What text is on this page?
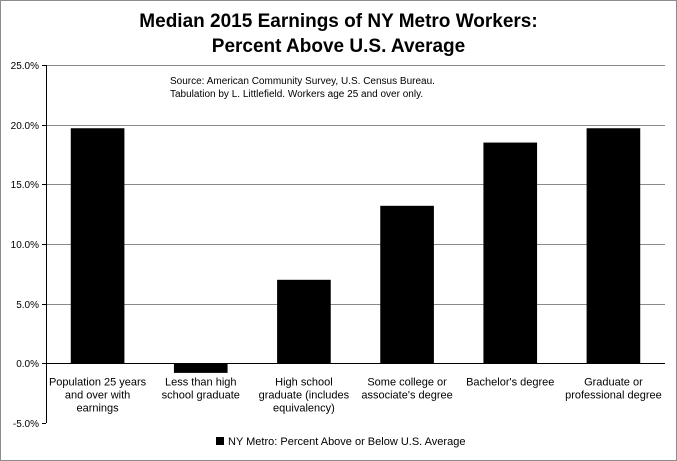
Median 2015 Earnings of NY Metro Workers:
Percent Above U.S. Average
25.0%
20.0%
15.0%
10.0%
5.0%
0.0%
-5.0%
Population 25 years
and over with
earnings
Less than high
school graduate
High school
graduate (includes
equivalency)
Some college or
associate's degree
Bachelor's degree	Graduate or
professional degree
Source: American Community Survey, U.S. Census Bureau.
Tabulation by L. Littlefield. Workers age 25 and over only.
NY Metro: Percent Above or Below U.S. Average
